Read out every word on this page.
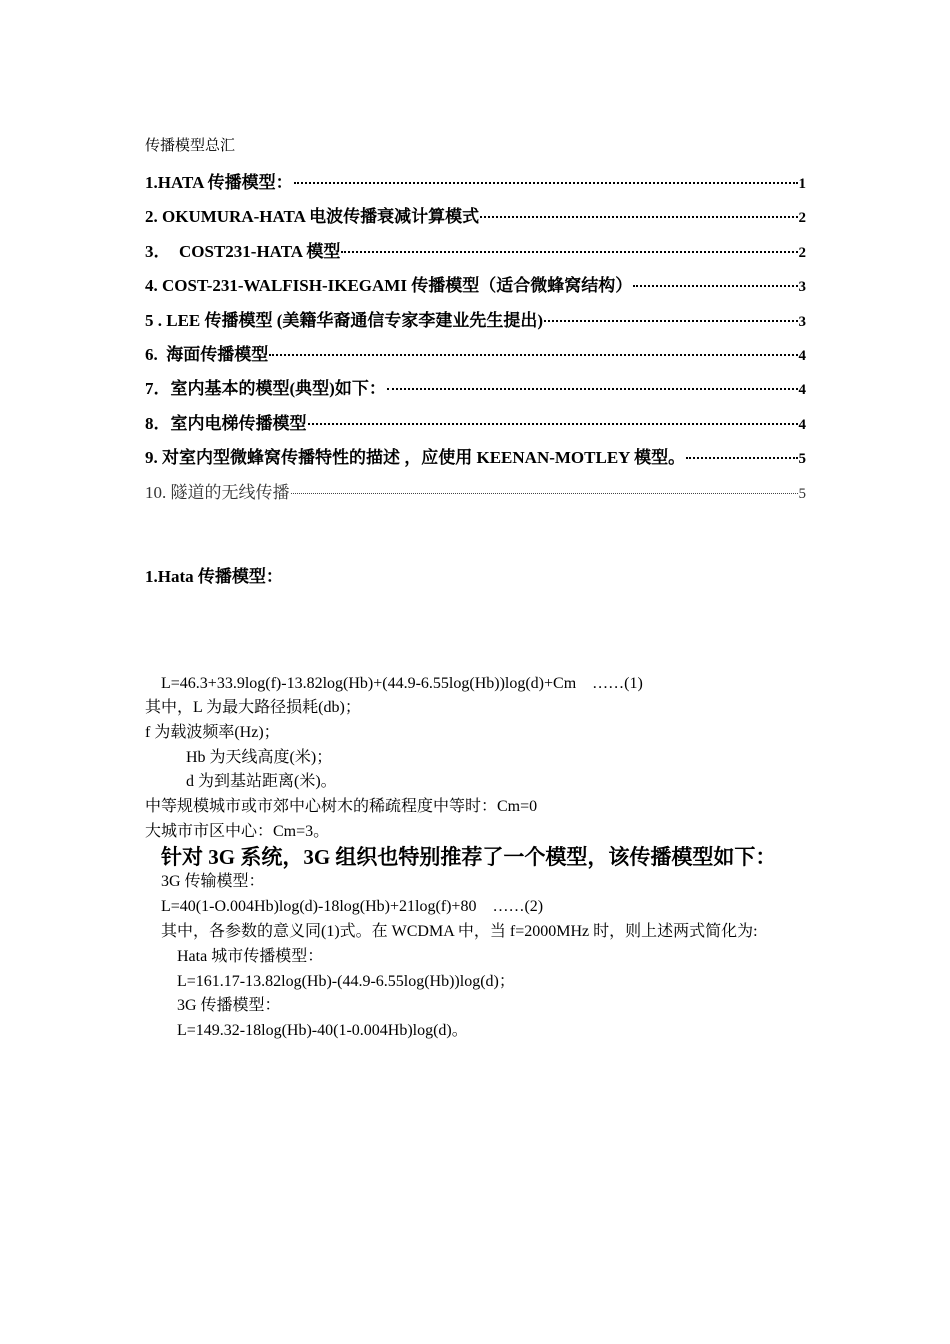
传播模型总汇
1.HATA 传播模型：	1
2. OKUMURA-HATA 电波传播衰减计算模式	2
3．  COST231-HATA 模型	2
4. COST-231-WALFISH-IKEGAMI 传播模型（适合微蜂窝结构）	3
5 . LEE 传播模型 (美籍华裔通信专家李建业先生提出)	3
6.  海面传播模型	4
7．室内基本的模型(典型)如下：	4
8．室内电梯传播模型	4
9. 对室内型微蜂窝传播特性的描述 ，应使用 KEENAN-MOTLEY 模型。	5
10. 隧道的无线传播	5
1.Hata 传播模型：
L=46.3+33.9log(f)-13.82log(Hb)+(44.9-6.55log(Hb))log(d)+Cm    ……(1)
其中，L 为最大路径损耗(db)；
f 为载波频率(Hz)；
Hb 为天线高度(米)；
d 为到基站距离(米)。
中等规模城市或市郊中心树木的稀疏程度中等时：Cm=0
大城市市区中心：Cm=3。
针对 3G 系统，3G 组织也特别推荐了一个模型，该传播模型如下：
3G 传输模型：
L=40(1-O.004Hb)log(d)-18log(Hb)+21log(f)+80    ……(2)
其中，各参数的意义同(1)式。在 WCDMA 中，当 f=2000MHz 时，则上述两式简化为:
Hata 城市传播模型：
L=161.17-13.82log(Hb)-(44.9-6.55log(Hb))log(d)；
3G 传播模型：
L=149.32-18log(Hb)-40(1-0.004Hb)log(d)。
